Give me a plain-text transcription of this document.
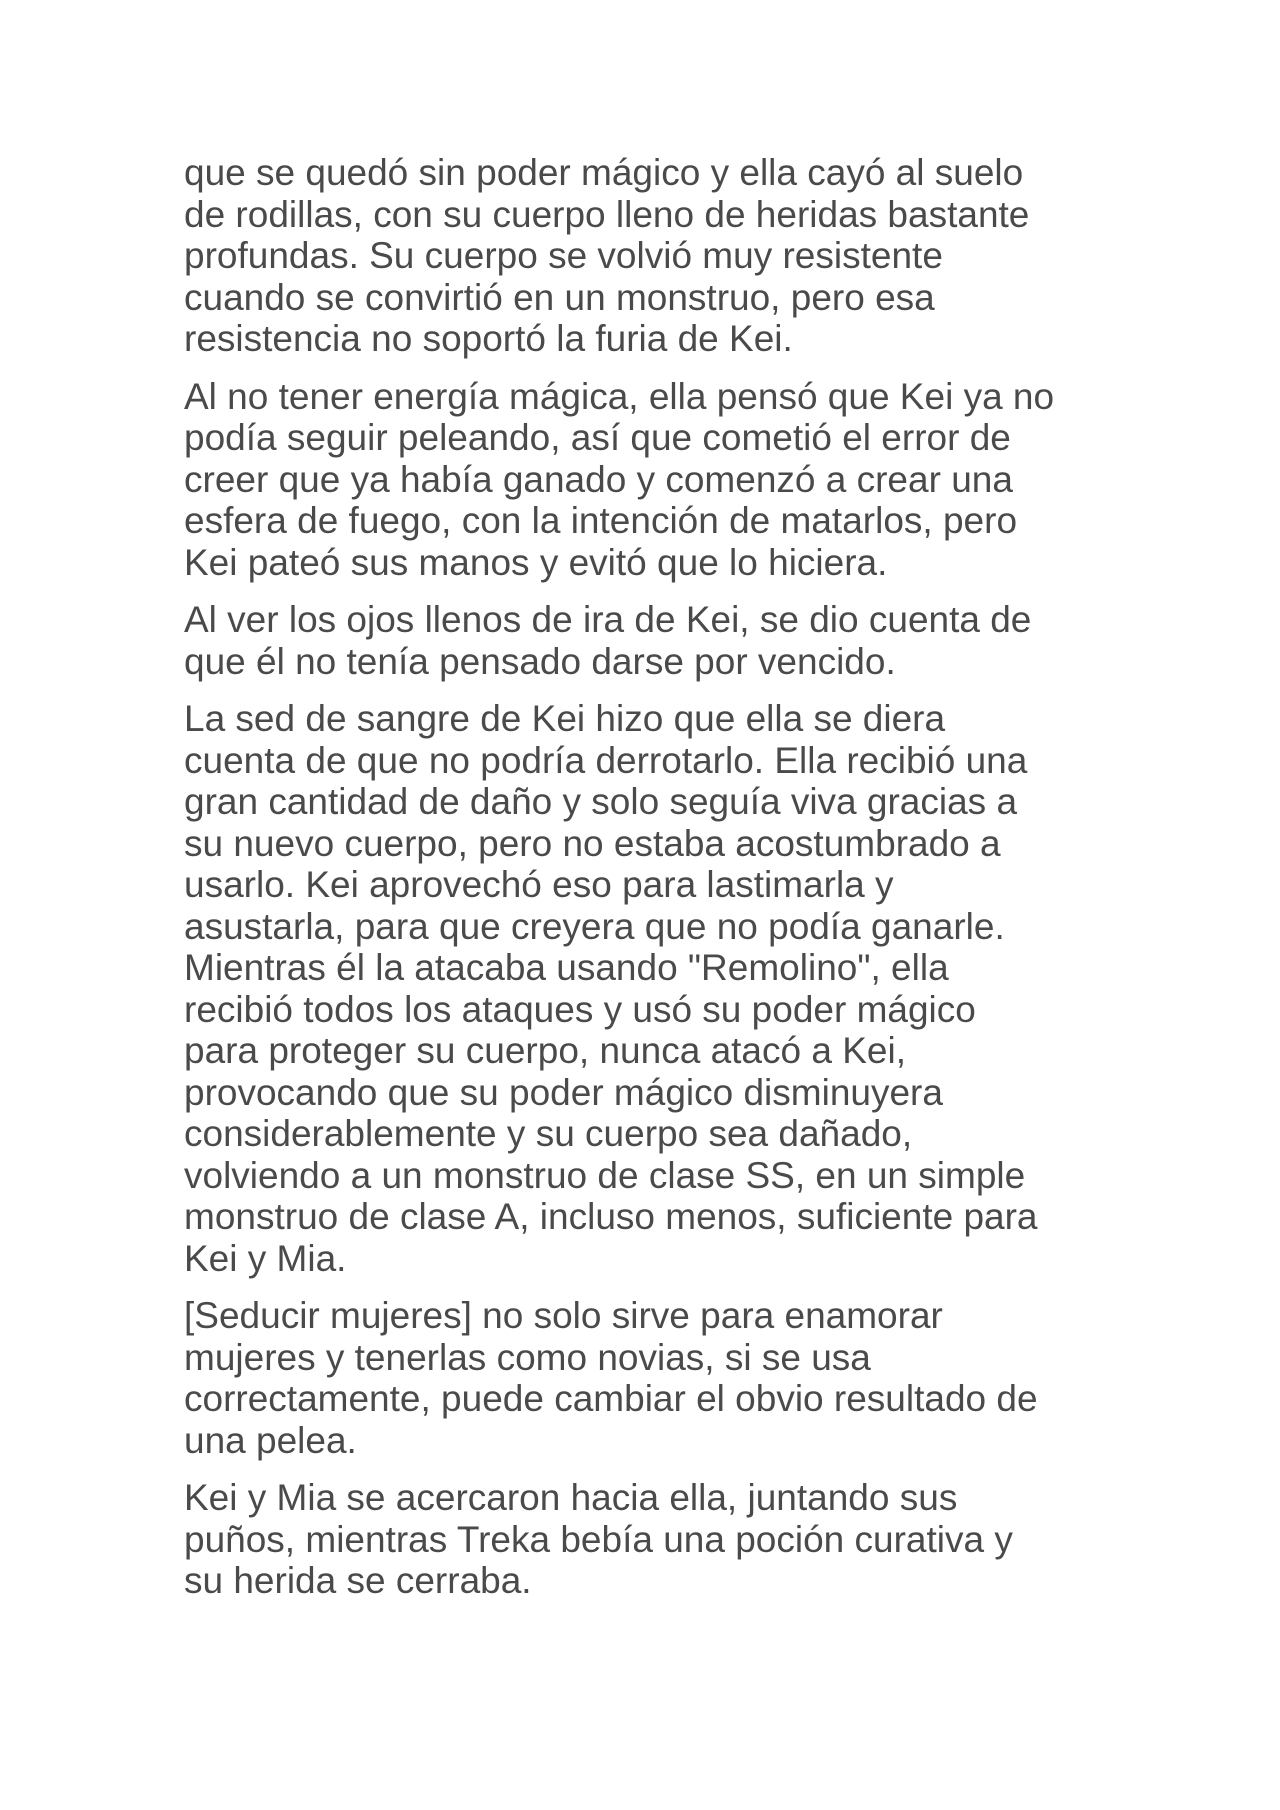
que se quedó sin poder mágico y ella cayó al suelo
de rodillas, con su cuerpo lleno de heridas bastante
profundas. Su cuerpo se volvió muy resistente
cuando se convirtió en un monstruo, pero esa
resistencia no soportó la furia de Kei.

Al no tener energía mágica, ella pensó que Kei ya no
podía seguir peleando, así que cometió el error de
creer que ya había ganado y comenzó a crear una
esfera de fuego, con la intención de matarlos, pero
Kei pateó sus manos y evitó que lo hiciera.

Al ver los ojos llenos de ira de Kei, se dio cuenta de
que él no tenía pensado darse por vencido.

La sed de sangre de Kei hizo que ella se diera
cuenta de que no podría derrotarlo. Ella recibió una
gran cantidad de daño y solo seguía viva gracias a
su nuevo cuerpo, pero no estaba acostumbrado a
usarlo. Kei aprovechó eso para lastimarla y
asustarla, para que creyera que no podía ganarle.
Mientras él la atacaba usando "Remolino", ella
recibió todos los ataques y usó su poder mágico
para proteger su cuerpo, nunca atacó a Kei,
provocando que su poder mágico disminuyera
considerablemente y su cuerpo sea dañado,
volviendo a un monstruo de clase SS, en un simple
monstruo de clase A, incluso menos, suficiente para
Kei y Mia.

[Seducir mujeres] no solo sirve para enamorar
mujeres y tenerlas como novias, si se usa
correctamente, puede cambiar el obvio resultado de
una pelea.

Kei y Mia se acercaron hacia ella, juntando sus
puños, mientras Treka bebía una poción curativa y
su herida se cerraba.
